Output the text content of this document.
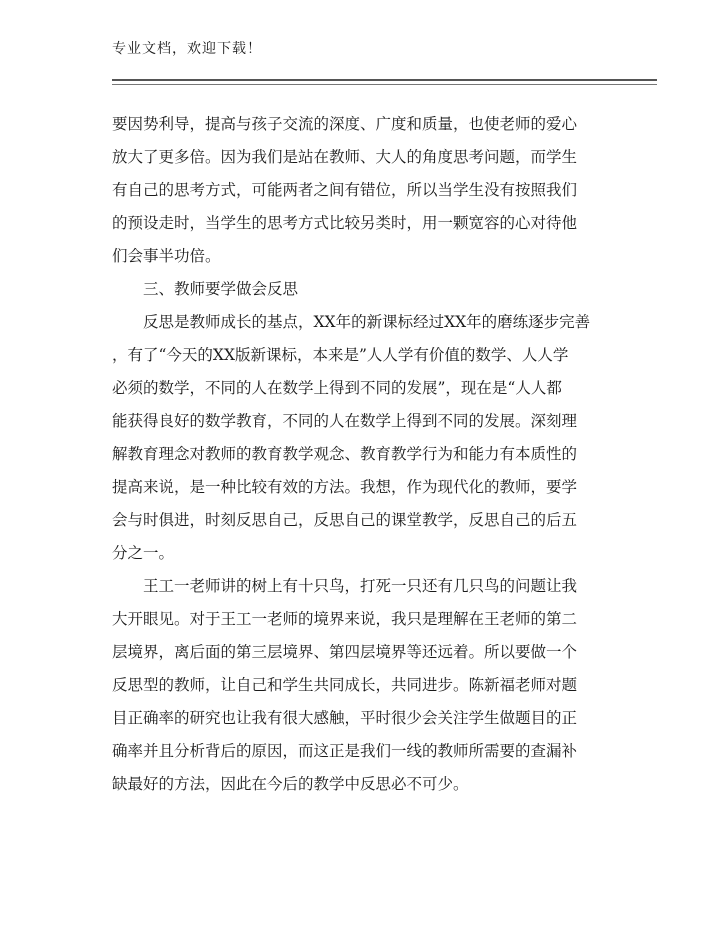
专业文档，欢迎下载！
要因势利导，提高与孩子交流的深度、广度和质量，也使老师的爱心
放大了更多倍。因为我们是站在教师、大人的角度思考问题，而学生
有自己的思考方式，可能两者之间有错位，所以当学生没有按照我们
的预设走时，当学生的思考方式比较另类时，用一颗宽容的心对待他
们会事半功倍。
三、教师要学做会反思
反思是教师成长的基点，XX年的新课标经过XX年的磨练逐步完善
，有了“今天的XX版新课标，本来是”人人学有价值的数学、人人学
必须的数学，不同的人在数学上得到不同的发展”，现在是“人人都
能获得良好的数学教育，不同的人在数学上得到不同的发展。深刻理
解教育理念对教师的教育教学观念、教育教学行为和能力有本质性的
提高来说，是一种比较有效的方法。我想，作为现代化的教师，要学
会与时俱进，时刻反思自己，反思自己的课堂教学，反思自己的后五
分之一。
王工一老师讲的树上有十只鸟，打死一只还有几只鸟的问题让我
大开眼见。对于王工一老师的境界来说，我只是理解在王老师的第二
层境界，离后面的第三层境界、第四层境界等还远着。所以要做一个
反思型的教师，让自己和学生共同成长，共同进步。陈新福老师对题
目正确率的研究也让我有很大感触，平时很少会关注学生做题目的正
确率并且分析背后的原因，而这正是我们一线的教师所需要的查漏补
缺最好的方法，因此在今后的教学中反思必不可少。
